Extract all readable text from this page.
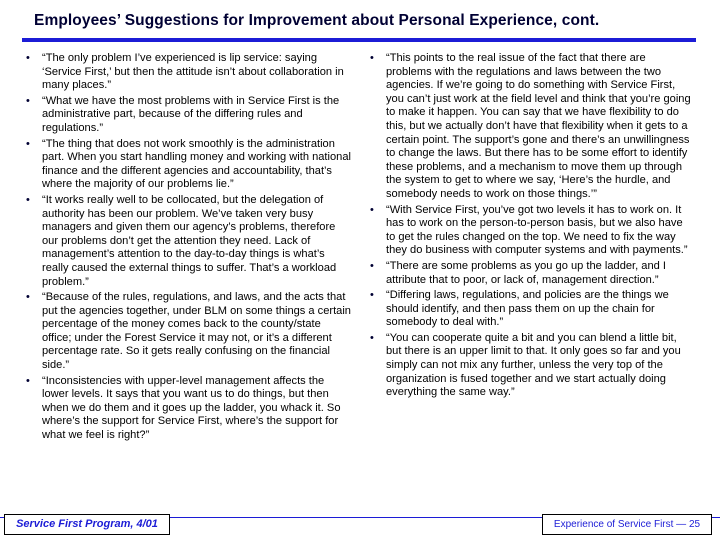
Employees’ Suggestions for Improvement about Personal Experience, cont.
• “The only problem I’ve experienced is lip service: saying ‘Service First,’ but then the attitude isn’t about collaboration in many places.”
• “What we have the most problems with in Service First is the administrative part, because of the differing rules and regulations.”
• “The thing that does not work smoothly is the administration part. When you start handling money and working with national finance and the different agencies and accountability, that’s where the majority of our problems lie.”
• “It works really well to be collocated, but the delegation of authority has been our problem. We’ve taken very busy managers and given them our agency’s problems, therefore our problems don’t get the attention they need. Lack of management’s attention to the day-to-day things is what’s really caused the external things to suffer. That’s a workload problem.”
• “Because of the rules, regulations, and laws, and the acts that put the agencies together, under BLM on some things a certain percentage of the money comes back to the county/state office; under the Forest Service it may not, or it’s a different percentage rate. So it gets really confusing on the financial side.”
• “Inconsistencies with upper-level management affects the lower levels. It says that you want us to do things, but then when we do them and it goes up the ladder, you whack it. So where’s the support for Service First, where’s the support for what we feel is right?”
• “This points to the real issue of the fact that there are problems with the regulations and laws between the two agencies. If we’re going to do something with Service First, you can’t just work at the field level and think that you’re going to make it happen. You can say that we have flexibility to do this, but we actually don’t have that flexibility when it gets to a certain point. The support’s gone and there’s an unwillingness to change the laws. But there has to be some effort to identify these problems, and a mechanism to move them up through the system to get to where we say, ‘Here’s the hurdle, and somebody needs to work on those things.’”
• “With Service First, you’ve got two levels it has to work on. It has to work on the person-to-person basis, but we also have to get the rules changed on the top. We need to fix the way they do business with computer systems and with payments.”
• “There are some problems as you go up the ladder, and I attribute that to poor, or lack of, management direction.”
• “Differing laws, regulations, and policies are the things we should identify, and then pass them on up the chain for somebody to deal with.”
• “You can cooperate quite a bit and you can blend a little bit, but there is an upper limit to that. It only goes so far and you simply can not mix any further, unless the very top of the organization is fused together and we start actually doing everything the same way.”
Service First Program, 4/01	Experience of Service First — 25
